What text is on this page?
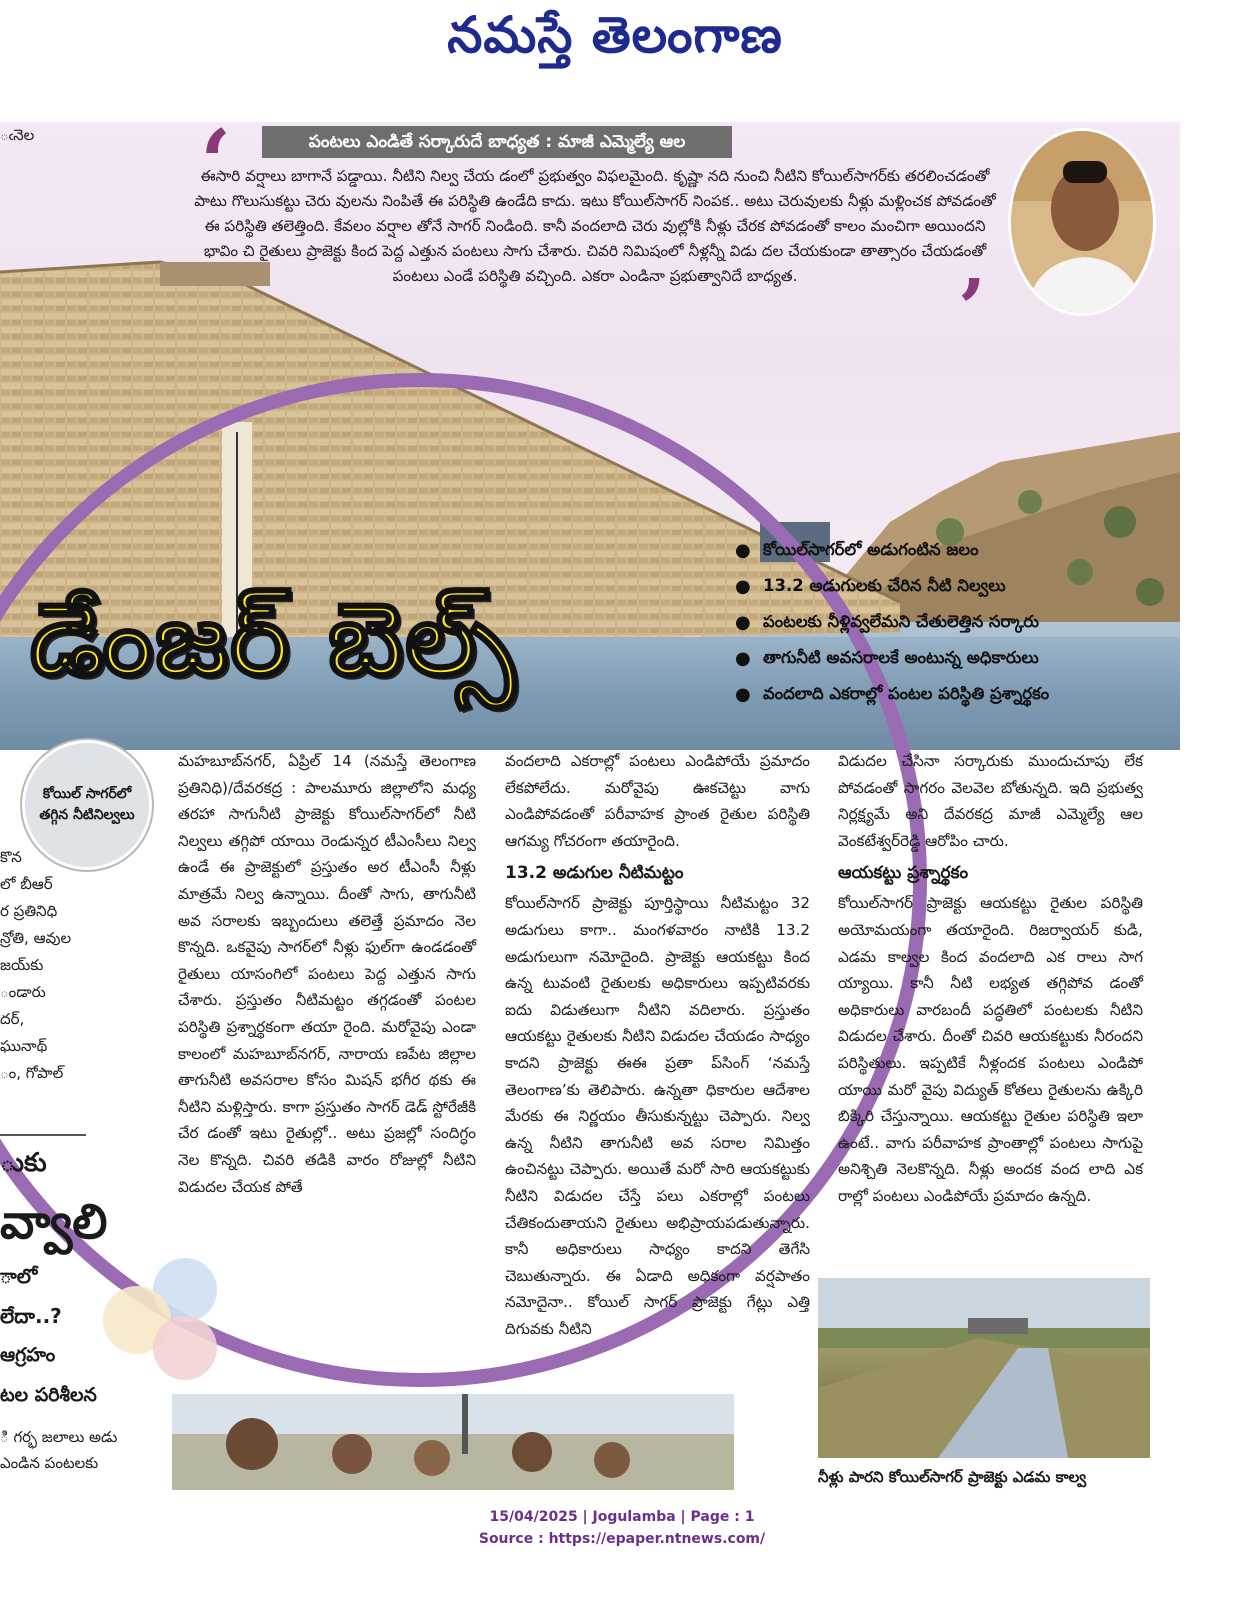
నమస్తే తెలంగాణ
‘	పంటలు ఎండితే సర్కారుదే బాధ్యత : మాజీ ఎమ్మెల్యే ఆల
ఈసారి వర్షాలు బాగానే పడ్డాయి. నీటిని నిల్వ చేయ డంలో ప్రభుత్వం విఫలమైంది. కృష్ణా నది నుంచి నీటిని కోయిల్‌సాగర్‌కు తరలించడంతో పాటు గొలుసుకట్టు చెరు వులను నింపితే ఈ పరిస్థితి ఉండేది కాదు. ఇటు కోయిల్‌సాగర్ నింపక.. అటు చెరువులకు నీళ్లు మళ్లించక పోవడంతో ఈ పరిస్థితి తలెత్తింది. కేవలం వర్షాల తోనే సాగర్ నిండింది. కానీ వందలాది చెరు వుల్లోకి నీళ్లు చేరక పోవడంతో కాలం మంచిగా అయిందని భావిం చి రైతులు ప్రాజెక్టు కింద పెద్ద ఎత్తున పంటలు సాగు చేశారు. చివరి నిమిషంలో నీళ్లన్నీ విడు దల చేయకుండా తాత్సారం చేయడంతో పంటలు ఎండే పరిస్థితి వచ్చింది. ఎకరా ఎండినా ప్రభుత్వానిదే బాధ్యత.	’
డేంజర్ బెల్స్
● కోయిల్‌సాగర్‌లో అడుగంటిన జలం
● 13.2 అడుగులకు చేరిన నీటి నిల్వలు
● పంటలకు నీళ్లివ్వలేమని చేతులెత్తిన సర్కారు
● తాగునీటి అవసరాలకే అంటున్న అధికారులు
● వందలాది ఎకరాల్లో పంటల పరిస్థితి ప్రశ్నార్థకం
ఁనెల
కొన
లో బీఆర్
ర ప్రతినిధి
న్రోతి, ఆవుల
జయ్‌కు
ండారు
దర్,
ఘునాథ్
ం, గోపాల్
ుకు
వ్వాలి
ాలో
లేదా..?
ఆగ్రహం
టల పరిశీలన
ి గర్భ జలాలు అడు
ఎండిన పంటలకు
కోయిల్ సాగర్‌లో తగ్గిన నీటినిల్వలు

మహబూబ్‌నగర్, ఏప్రిల్ 14 (నమస్తే తెలంగాణ ప్రతినిధి)/దేవరకద్ర : పాలమూరు జిల్లాలోని మధ్య తరహా సాగునీటి ప్రాజెక్టు కోయిల్‌సాగర్‌లో నీటి నిల్వలు తగ్గిపో యాయి రెండున్నర టీఎంసీలు నిల్వ ఉండే ఈ ప్రాజెక్టులో ప్రస్తుతం అర టీఎంసీ నీళ్లు మాత్రమే నిల్వ ఉన్నాయి. దీంతో సాగు, తాగునీటి అవ సరాలకు ఇబ్బందులు తలెత్తే ప్రమాదం నెల కొన్నది. ఒకవైపు సాగర్‌లో నీళ్లు ఫుల్‌గా ఉండడంతో రైతులు యాసంగిలో పంటలు పెద్ద ఎత్తున సాగు చేశారు. ప్రస్తుతం నీటిమట్టం తగ్గడంతో పంటల పరిస్థితి ప్రశ్నార్థకంగా తయా రైంది. మరోవైపు ఎండా కాలంలో మహబూబ్‌నగర్, నారాయ ణపేట జిల్లాల తాగునీటి అవసరాల కోసం మిషన్ భగీర థకు ఈ నీటిని మళ్లిస్తారు. కాగా ప్రస్తుతం సాగర్ డెడ్ స్టోరేజీకి చేర డంతో ఇటు రైతుల్లో.. అటు ప్రజల్లో సందిగ్ధం నెల కొన్నది. చివరి తడికి వారం రోజుల్లో నీటిని విడుదల చేయక పోతే

వందలాది ఎకరాల్లో పంటలు ఎండిపోయే ప్రమాదం లేకపోలేదు. మరోవైపు ఊకచెట్టు వాగు ఎండిపోవడంతో పరీవాహక ప్రాంత రైతుల పరిస్థితి ఆగమ్య గోచరంగా తయారైంది.

13.2 అడుగుల నీటిమట్టం

కోయిల్‌సాగర్ ప్రాజెక్టు పూర్తిస్థాయి నీటిమట్టం 32 అడుగులు కాగా.. మంగళవారం నాటికి 13.2 అడుగులుగా నమోదైంది. ప్రాజెక్టు ఆయకట్టు కింద ఉన్న టువంటి రైతులకు అధికారులు ఇప్పటివరకు ఐదు విడుతలుగా నీటిని వదిలారు. ప్రస్తుతం ఆయకట్టు రైతులకు నీటిని విడుదల చేయడం సాధ్యం కాదని ప్రాజెక్టు ఈఈ ప్రతా ప్‌సింగ్ ‘నమస్తే తెలంగాణ’కు తెలిపారు. ఉన్నతా ధికారుల ఆదేశాల మేరకు ఈ నిర్ణయం తీసుకున్నట్టు చెప్పారు. నిల్వ ఉన్న నీటిని తాగునీటి అవ సరాల నిమిత్తం ఉంచినట్టు చెప్పారు. అయితే మరో సారి ఆయకట్టుకు నీటిని విడుదల చేస్తే పలు ఎకరాల్లో పంటలు చేతికందుతాయని రైతులు అభిప్రాయపడుతున్నారు. కానీ అధికారులు సాధ్యం కాదని తెగేసి చెబుతున్నారు. ఈ ఏడాది అధికంగా వర్షపాతం నమోదైనా.. కోయిల్ సాగర్ ప్రాజెక్టు గేట్లు ఎత్తి దిగువకు నీటిని

విడుదల చేసినా సర్కారుకు ముందుచూపు లేక పోవడంతో సాగరం వెలవెల బోతున్నది. ఇది ప్రభుత్వ నిర్లక్ష్యమే అని దేవరకద్ర మాజీ ఎమ్మెల్యే ఆల వెంకటేశ్వర్‌రెడ్డి ఆరోపిం చారు.

ఆయకట్టు ప్రశ్నార్థకం

కోయిల్‌సాగర్ ప్రాజెక్టు ఆయకట్టు రైతుల పరిస్థితి అయోమయంగా తయారైంది. రిజర్వాయర్ కుడి, ఎడమ కాల్వల కింద వందలాది ఎక రాలు సాగ య్యాయి. కానీ నీటి లభ్యత తగ్గిపోవ డంతో అధికారులు వారబందీ పద్ధతిలో పంటలకు నీటిని విడుదల చేశారు. దీంతో చివరి ఆయకట్టుకు నీరందని పరిస్థితులు. ఇప్పటికే నీళ్లందక పంటలు ఎండిపో యాయి మరో వైపు విద్యుత్ కోతలు రైతులను ఉక్కిరి బిక్కిరి చేస్తున్నాయి. ఆయకట్టు రైతుల పరిస్థితి ఇలా ఉంటే.. వాగు పరీవాహక ప్రాంతాల్లో పంటలు సాగుపై అనిశ్చితి నెలకొన్నది. నీళ్లు అందక వంద లాది ఎక రాల్లో పంటలు ఎండిపోయే ప్రమాదం ఉన్నది.

నీళ్లు పారని కోయిల్‌సాగర్ ప్రాజెక్టు ఎడమ కాల్వ
15/04/2025 | Jogulamba | Page : 1
Source : https://epaper.ntnews.com/
